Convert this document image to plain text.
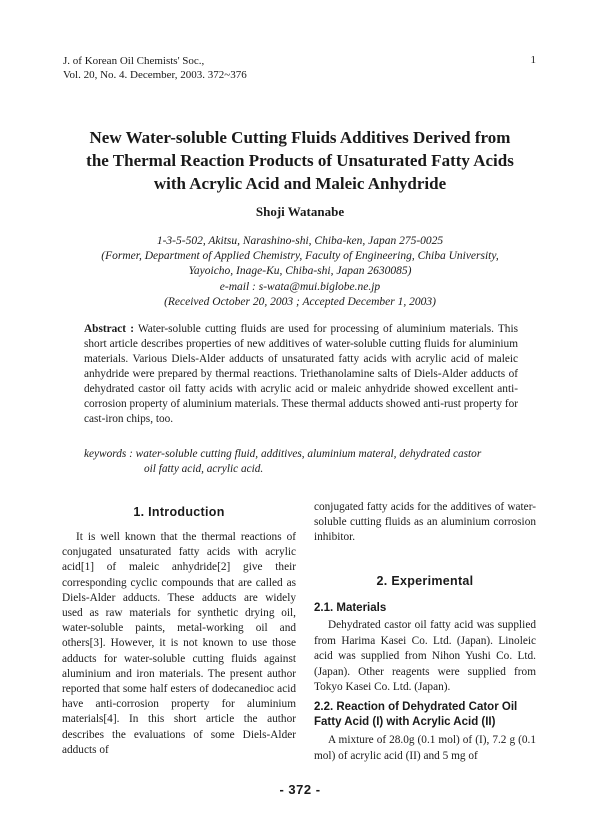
J. of Korean Oil Chemists' Soc.,
Vol. 20, No. 4. December, 2003. 372~376
1
New Water-soluble Cutting Fluids Additives Derived from
the Thermal Reaction Products of Unsaturated Fatty Acids
with Acrylic Acid and Maleic Anhydride
Shoji Watanabe
1-3-5-502, Akitsu, Narashino-shi, Chiba-ken, Japan 275-0025
(Former, Department of Applied Chemistry, Faculty of Engineering, Chiba University,
Yayoicho, Inage-Ku, Chiba-shi, Japan 2630085)
e-mail : s-wata@mui.biglobe.ne.jp
(Received October 20, 2003 ; Accepted December 1, 2003)
Abstract : Water-soluble cutting fluids are used for processing of aluminium materials. This short article describes properties of new additives of water-soluble cutting fluids for aluminium materials. Various Diels-Alder adducts of unsaturated fatty acids with acrylic acid of maleic anhydride were prepared by thermal reactions. Triethanolamine salts of Diels-Alder adducts of dehydrated castor oil fatty acids with acrylic acid or maleic anhydride showed excellent anti-corrosion property of aluminium materials. These thermal adducts showed anti-rust property for cast-iron chips, too.
keywords : water-soluble cutting fluid, additives, aluminium materal, dehydrated castor
oil fatty acid, acrylic acid.
1. Introduction

It is well known that the thermal reactions of conjugated unsaturated fatty acids with acrylic acid[1] of maleic anhydride[2] give their corresponding cyclic compounds that are called as Diels-Alder adducts. These adducts are widely used as raw materials for synthetic drying oil, water-soluble paints, metal-working oil and others[3]. However, it is not known to use those adducts for water-soluble cutting fluids against aluminium and iron materials. The present author reported that some half esters of dodecanedioc acid have anti-corrosion property for aluminium materials[4]. In this short article the author describes the evaluations of some Diels-Alder adducts of

conjugated fatty acids for the additives of water-soluble cutting fluids as an aluminium corrosion inhibitor.

2. Experimental
2.1. Materials

Dehydrated castor oil fatty acid was supplied from Harima Kasei Co. Ltd. (Japan). Linoleic acid was supplied from Nihon Yushi Co. Ltd. (Japan). Other reagents were supplied from Tokyo Kasei Co. Ltd. (Japan).

2.2. Reaction of Dehydrated Cator Oil Fatty Acid (I) with Acrylic Acid (II)

A mixture of 28.0g (0.1 mol) of (I), 7.2 g (0.1 mol) of acrylic acid (II) and 5 mg of

- 372 -
